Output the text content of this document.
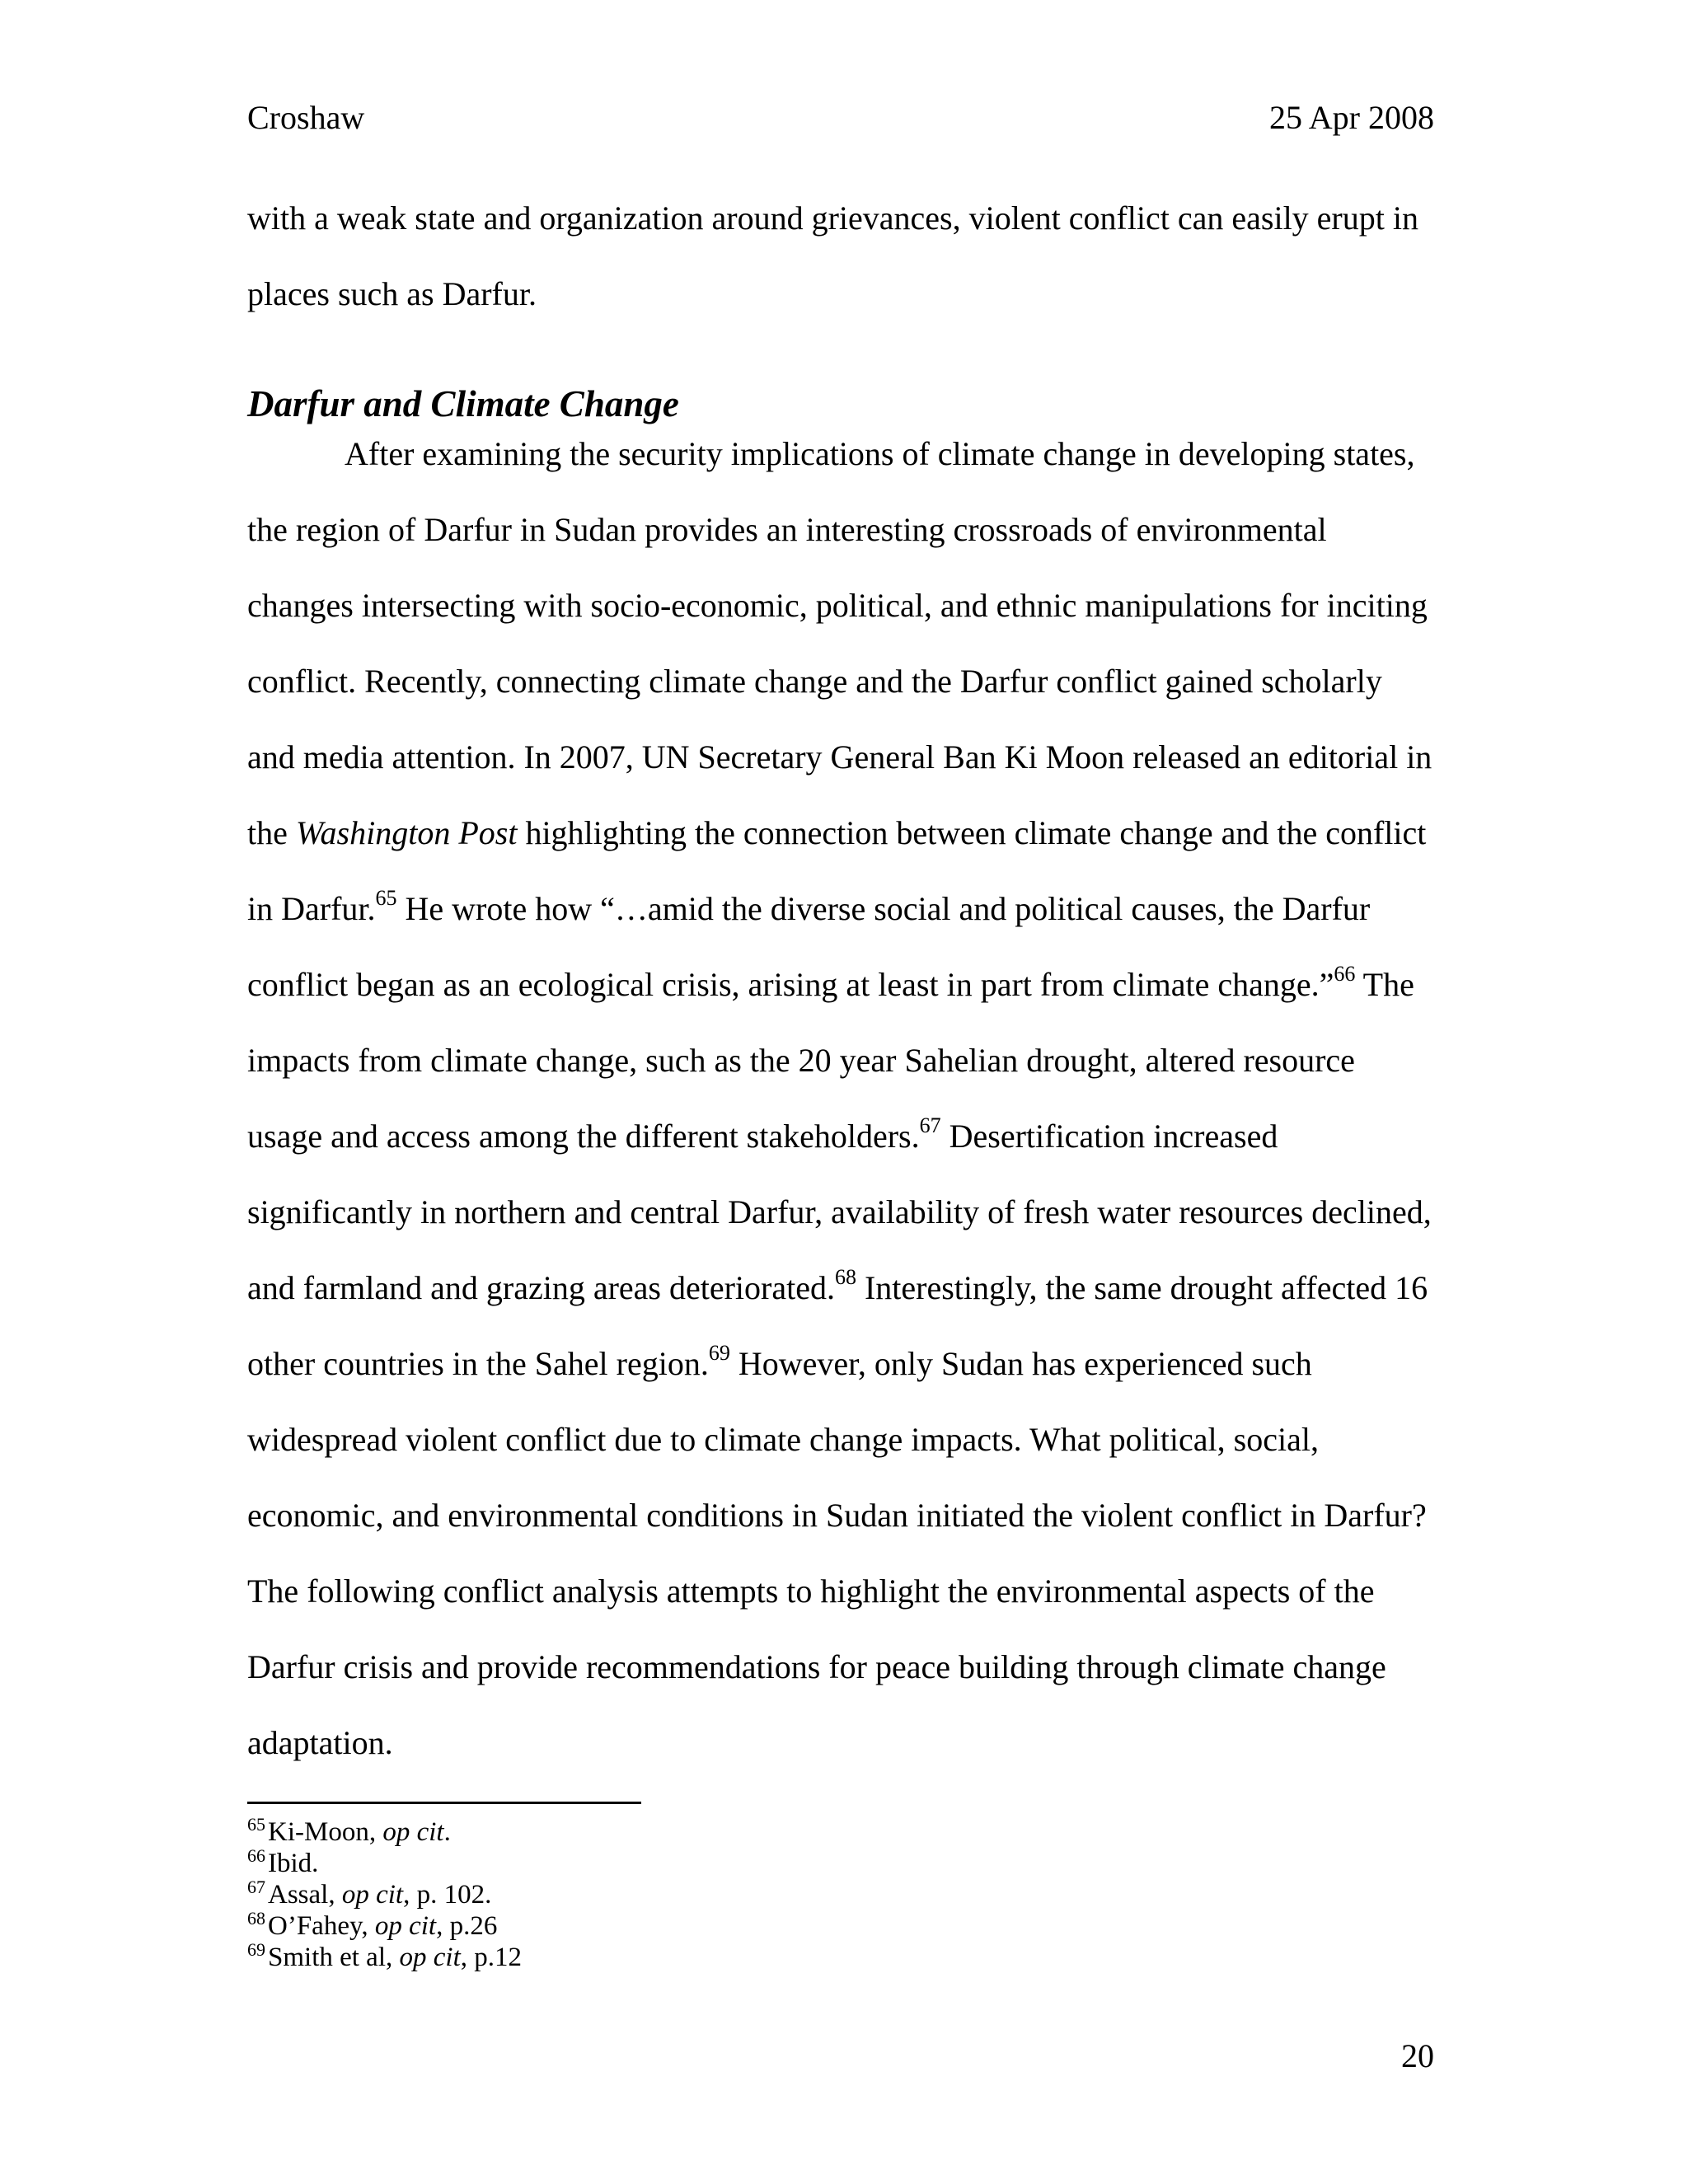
Croshaw	25 Apr 2008
with a weak state and organization around grievances, violent conflict can easily erupt in
places such as Darfur.
Darfur and Climate Change
After examining the security implications of climate change in developing states,
the region of Darfur in Sudan provides an interesting crossroads of environmental
changes intersecting with socio-economic, political, and ethnic manipulations for inciting
conflict. Recently, connecting climate change and the Darfur conflict gained scholarly
and media attention. In 2007, UN Secretary General Ban Ki Moon released an editorial in
the Washington Post highlighting the connection between climate change and the conflict
in Darfur.$^{65}$ He wrote how “…amid the diverse social and political causes, the Darfur
conflict began as an ecological crisis, arising at least in part from climate change.”$^{66}$ The
impacts from climate change, such as the 20 year Sahelian drought, altered resource
usage and access among the different stakeholders.$^{67}$ Desertification increased
significantly in northern and central Darfur, availability of fresh water resources declined,
and farmland and grazing areas deteriorated.$^{68}$ Interestingly, the same drought affected 16
other countries in the Sahel region.$^{69}$ However, only Sudan has experienced such
widespread violent conflict due to climate change impacts. What political, social,
economic, and environmental conditions in Sudan initiated the violent conflict in Darfur?
The following conflict analysis attempts to highlight the environmental aspects of the
Darfur crisis and provide recommendations for peace building through climate change
adaptation.
$^{65}$Ki-Moon, op cit.
$^{66}$Ibid.
$^{67}$Assal, op cit, p. 102.
$^{68}$O’Fahey, op cit, p.26
$^{69}$Smith et al, op cit, p.12
20
